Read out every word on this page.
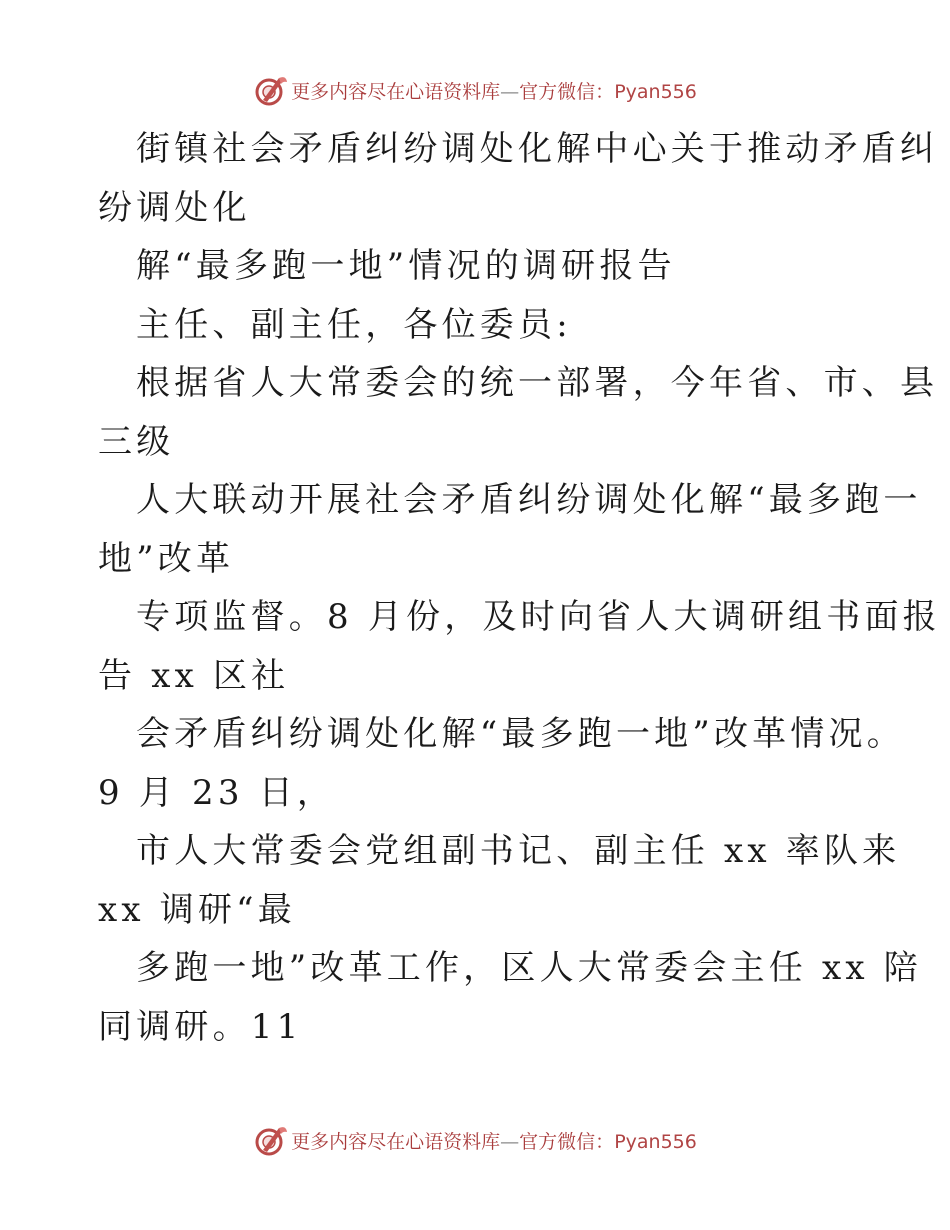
更多内容尽在心语资料库—官方微信：Pyan556
街镇社会矛盾纠纷调处化解中心关于推动矛盾纠
纷调处化
解“最多跑一地”情况的调研报告
主任、副主任，各位委员:
根据省人大常委会的统一部署，今年省、市、县
三级
人大联动开展社会矛盾纠纷调处化解“最多跑一
地”改革
专项监督。8 月份，及时向省人大调研组书面报
告 xx 区社
会矛盾纠纷调处化解“最多跑一地”改革情况。
9 月 23 日，
市人大常委会党组副书记、副主任 xx 率队来
xx 调研“最
多跑一地”改革工作，区人大常委会主任 xx 陪
同调研。11
更多内容尽在心语资料库—官方微信：Pyan556
